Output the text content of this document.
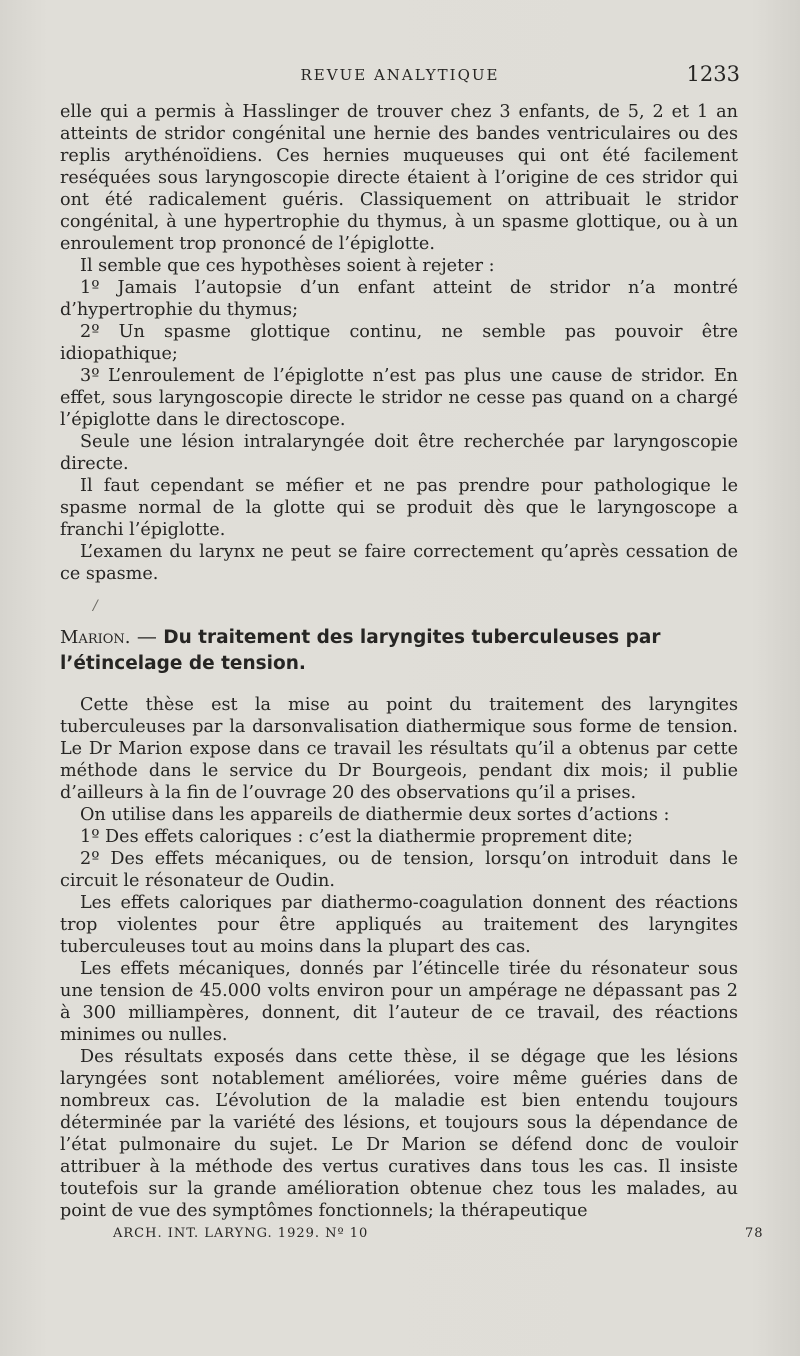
REVUE ANALYTIQUE	1233

elle qui a permis à Hasslinger de trouver chez 3 enfants, de 5, 2 et 1 an atteints de stridor congénital une hernie des bandes ventriculaires ou des replis arythénoïdiens. Ces hernies muqueuses qui ont été facilement reséquées sous laryngoscopie directe étaient à l’origine de ces stridor qui ont été radicalement guéris. Classiquement on attribuait le stridor congénital, à une hypertrophie du thymus, à un spasme glottique, ou à un enroulement trop prononcé de l’épiglotte.

Il semble que ces hypothèses soient à rejeter :

1º Jamais l’autopsie d’un enfant atteint de stridor n’a montré d’hypertrophie du thymus;

2º Un spasme glottique continu, ne semble pas pouvoir être idiopathique;

3º L’enroulement de l’épiglotte n’est pas plus une cause de stridor. En effet, sous laryngoscopie directe le stridor ne cesse pas quand on a chargé l’épiglotte dans le directoscope.

Seule une lésion intralaryngée doit être recherchée par laryngoscopie directe.

Il faut cependant se méfier et ne pas prendre pour pathologique le spasme normal de la glotte qui se produit dès que le laryngoscope a franchi l’épiglotte.

L’examen du larynx ne peut se faire correctement qu’après cessation de ce spasme.

/
Marion. — Du traitement des laryngites tuberculeuses par l’étincelage de tension.

Cette thèse est la mise au point du traitement des laryngites tuberculeuses par la darsonvalisation diathermique sous forme de tension. Le Dr Marion expose dans ce travail les résultats qu’il a obtenus par cette méthode dans le service du Dr Bourgeois, pendant dix mois; il publie d’ailleurs à la fin de l’ouvrage 20 des observations qu’il a prises.

On utilise dans les appareils de diathermie deux sortes d’actions :

1º Des effets caloriques : c’est la diathermie proprement dite;

2º Des effets mécaniques, ou de tension, lorsqu’on introduit dans le circuit le résonateur de Oudin.

Les effets caloriques par diathermo-coagulation donnent des réactions trop violentes pour être appliqués au traitement des laryngites tuberculeuses tout au moins dans la plupart des cas.

Les effets mécaniques, donnés par l’étincelle tirée du résonateur sous une tension de 45.000 volts environ pour un ampérage ne dépassant pas 2 à 300 milliampères, donnent, dit l’auteur de ce travail, des réactions minimes ou nulles.

Des résultats exposés dans cette thèse, il se dégage que les lésions laryngées sont notablement améliorées, voire même guéries dans de nombreux cas. L’évolution de la maladie est bien entendu toujours déterminée par la variété des lésions, et toujours sous la dépendance de l’état pulmonaire du sujet. Le Dr Marion se défend donc de vouloir attribuer à la méthode des vertus curatives dans tous les cas. Il insiste toutefois sur la grande amélioration obtenue chez tous les malades, au point de vue des symptômes fonctionnels; la thérapeutique

ARCH. INT. LARYNG. 1929. Nº 10	78
